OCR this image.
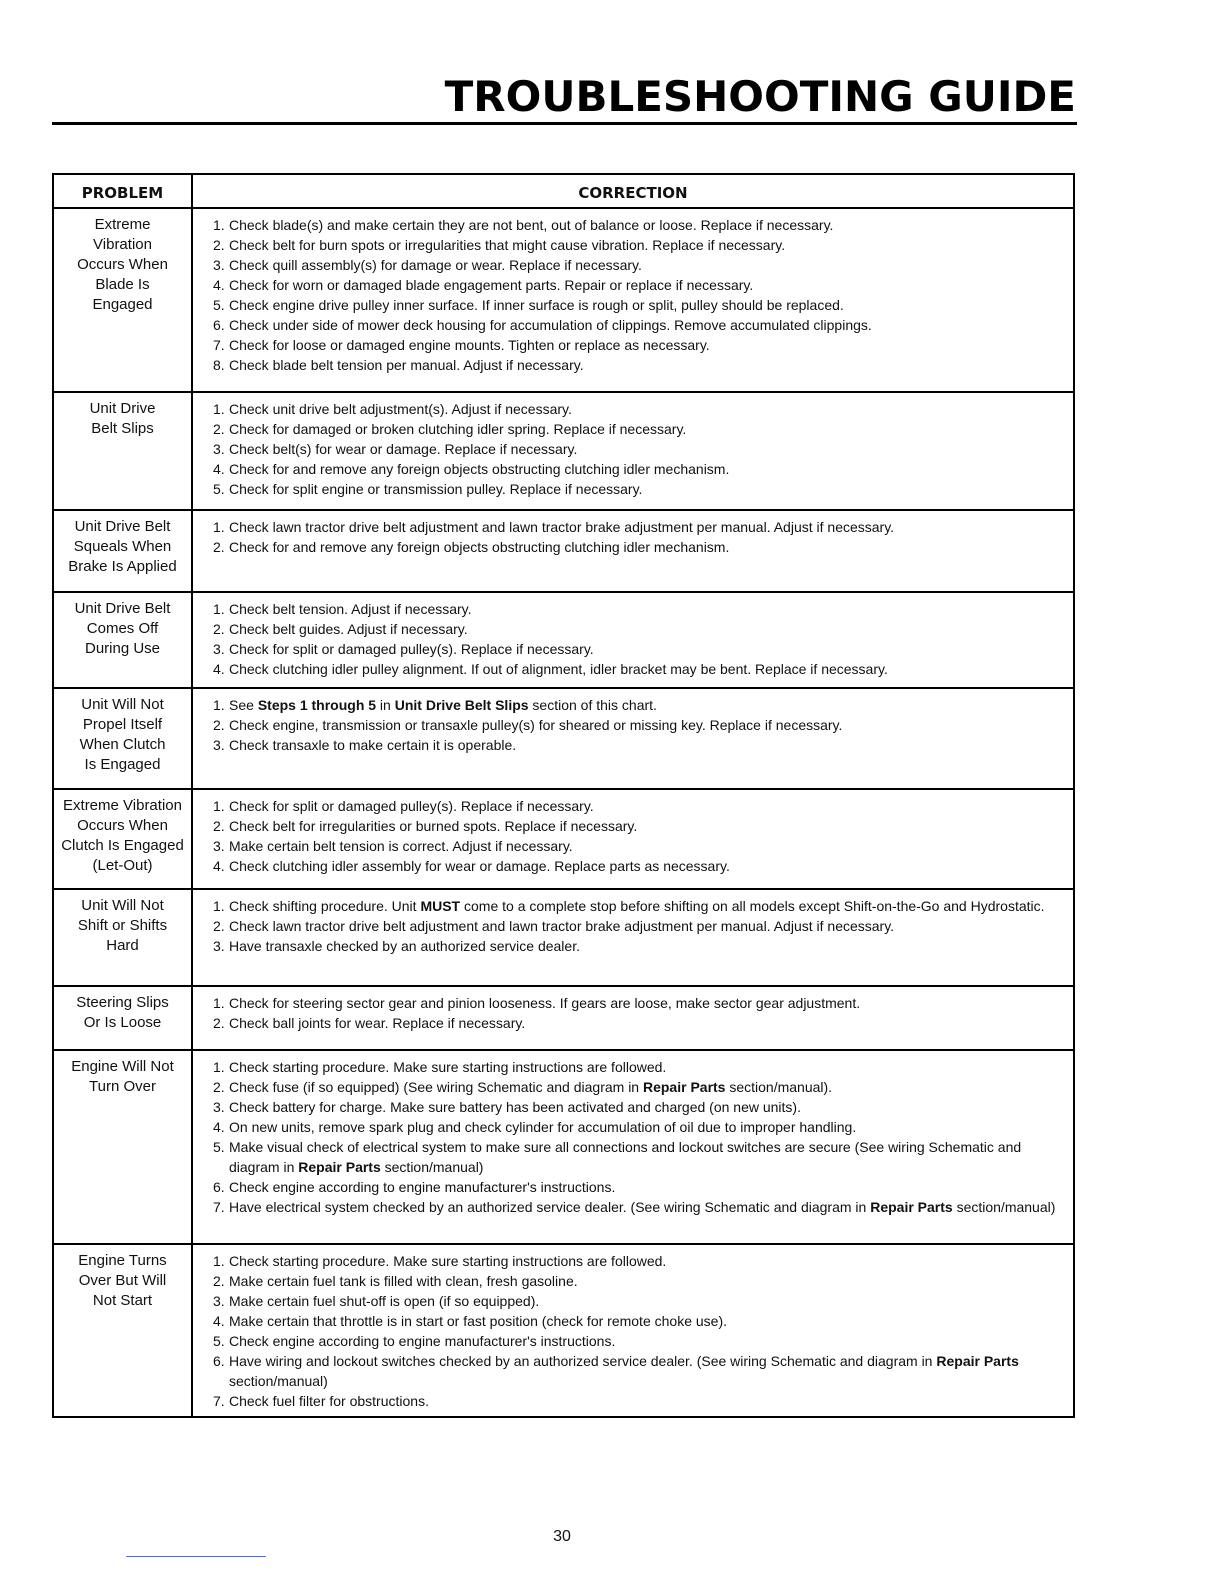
TROUBLESHOOTING GUIDE
PROBLEM	CORRECTION
Extreme
Vibration
Occurs When
Blade Is
Engaged
1. Check blade(s) and make certain they are not bent, out of balance or loose. Replace if necessary.
2. Check belt for burn spots or irregularities that might cause vibration. Replace if necessary.
3. Check quill assembly(s) for damage or wear. Replace if necessary.
4. Check for worn or damaged blade engagement parts. Repair or replace if necessary.
5. Check engine drive pulley inner surface. If inner surface is rough or split, pulley should be replaced.
6. Check under side of mower deck housing for accumulation of clippings. Remove accumulated clippings.
7. Check for loose or damaged engine mounts. Tighten or replace as necessary.
8. Check blade belt tension per manual. Adjust if necessary.
Unit Drive
Belt Slips
1. Check unit drive belt adjustment(s). Adjust if necessary.
2. Check for damaged or broken clutching idler spring. Replace if necessary.
3. Check belt(s) for wear or damage. Replace if necessary.
4. Check for and remove any foreign objects obstructing clutching idler mechanism.
5. Check for split engine or transmission pulley. Replace if necessary.
Unit Drive Belt
Squeals When
Brake Is Applied
1. Check lawn tractor drive belt adjustment and lawn tractor brake adjustment per manual. Adjust if necessary.
2. Check for and remove any foreign objects obstructing clutching idler mechanism.
Unit Drive Belt
Comes Off
During Use
1. Check belt tension. Adjust if necessary.
2. Check belt guides. Adjust if necessary.
3. Check for split or damaged pulley(s). Replace if necessary.
4. Check clutching idler pulley alignment. If out of alignment, idler bracket may be bent. Replace if necessary.
Unit Will Not
Propel Itself
When Clutch
Is Engaged
1. See Steps 1 through 5 in Unit Drive Belt Slips section of this chart.
2. Check engine, transmission or transaxle pulley(s) for sheared or missing key. Replace if necessary.
3. Check transaxle to make certain it is operable.
Extreme Vibration
Occurs When
Clutch Is Engaged
(Let-Out)
1. Check for split or damaged pulley(s). Replace if necessary.
2. Check belt for irregularities or burned spots. Replace if necessary.
3. Make certain belt tension is correct. Adjust if necessary.
4. Check clutching idler assembly for wear or damage. Replace parts as necessary.
Unit Will Not
Shift or Shifts
Hard
1. Check shifting procedure. Unit MUST come to a complete stop before shifting on all models except Shift-on-the-Go and Hydrostatic.
2. Check lawn tractor drive belt adjustment and lawn tractor brake adjustment per manual. Adjust if necessary.
3. Have transaxle checked by an authorized service dealer.
Steering Slips
Or Is Loose
1. Check for steering sector gear and pinion looseness. If gears are loose, make sector gear adjustment.
2. Check ball joints for wear. Replace if necessary.
Engine Will Not
Turn Over
1. Check starting procedure. Make sure starting instructions are followed.
2. Check fuse (if so equipped) (See wiring Schematic and diagram in Repair Parts section/manual).
3. Check battery for charge. Make sure battery has been activated and charged (on new units).
4. On new units, remove spark plug and check cylinder for accumulation of oil due to improper handling.
5. Make visual check of electrical system to make sure all connections and lockout switches are secure (See wiring Schematic and diagram in Repair Parts section/manual)
6. Check engine according to engine manufacturer's instructions.
7. Have electrical system checked by an authorized service dealer. (See wiring Schematic and diagram in Repair Parts section/manual)
Engine Turns
Over But Will
Not Start
1. Check starting procedure. Make sure starting instructions are followed.
2. Make certain fuel tank is filled with clean, fresh gasoline.
3. Make certain fuel shut-off is open (if so equipped).
4. Make certain that throttle is in start or fast position (check for remote choke use).
5. Check engine according to engine manufacturer's instructions.
6. Have wiring and lockout switches checked by an authorized service dealer. (See wiring Schematic and diagram in Repair Parts section/manual)
7. Check fuel filter for obstructions.
30
